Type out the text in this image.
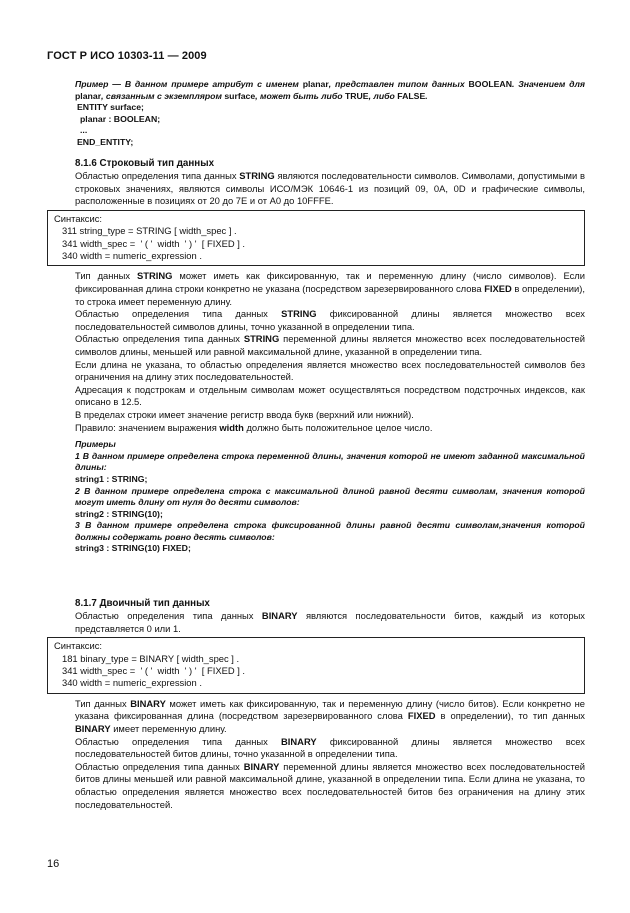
ГОСТ Р ИСО 10303-11 — 2009
Пример — В данном примере атрибут с именем planar, представлен типом данных BOOLEAN. Значением для planar, связанным с экземпляром surface, может быть либо TRUE, либо FALSE.
ENTITY surface;
planar : BOOLEAN;
...
END_ENTITY;
8.1.6 Строковый тип данных
Областью определения типа данных STRING являются последовательности символов. Символами, допустимыми в строковых значениях, являются символы ИСО/МЭК 10646-1 из позиций 09, 0A, 0D и графические символы, расположенные в позициях от 20 до 7E и от A0 до 10FFFE.
Синтаксис:
311 string_type = STRING [ width_spec ] .
341 width_spec =  ' ( '  width  ' ) '  [ FIXED ] .
340 width = numeric_expression .
Тип данных STRING может иметь как фиксированную, так и переменную длину (число символов). Если фиксированная длина строки конкретно не указана (посредством зарезервированного слова FIXED в определении), то строка имеет переменную длину.
Областью определения типа данных STRING фиксированной длины является множество всех последовательностей символов длины, точно указанной в определении типа.
Областью определения типа данных STRING переменной длины является множество всех последовательностей символов длины, меньшей или равной максимальной длине, указанной в определении типа.
Если длина не указана, то областью определения является множество всех последовательностей символов без ограничения на длину этих последовательностей.
Адресация к подстрокам и отдельным символам может осуществляться посредством подстрочных индексов, как описано в 12.5.
В пределах строки имеет значение регистр ввода букв (верхний или нижний).
Правило: значением выражения width должно быть положительное целое число.
Примеры
1 В данном примере определена строка переменной длины, значения которой не имеют заданной максимальной длины:
string1 : STRING;
2 В данном примере определена строка с максимальной длиной равной десяти символам, значения которой могут иметь длину от нуля до десяти символов:
string2 : STRING(10);
3 В данном примере определена строка фиксированной длины равной десяти символам,значения которой должны содержать ровно десять символов:
string3 : STRING(10) FIXED;
8.1.7 Двоичный тип данных
Областью определения типа данных BINARY являются последовательности битов, каждый из которых представляется 0 или 1.
Синтаксис:
181 binary_type = BINARY [ width_spec ] .
341 width_spec =  ' ( '  width  ' ) '  [ FIXED ] .
340 width = numeric_expression .
Тип данных BINARY может иметь как фиксированную, так и переменную длину (число битов). Если конкретно не указана фиксированная длина (посредством зарезервированного слова FIXED в определении), то тип данных BINARY имеет переменную длину.
Областью определения типа данных BINARY фиксированной длины является множество всех последовательностей битов длины, точно указанной в определении типа.
Областью определения типа данных BINARY переменной длины является множество всех последовательностей битов длины меньшей или равной максимальной длине, указанной в определении типа. Если длина не указана, то областью определения является множество всех последовательностей битов без ограничения на длину этих последовательностей.
16
